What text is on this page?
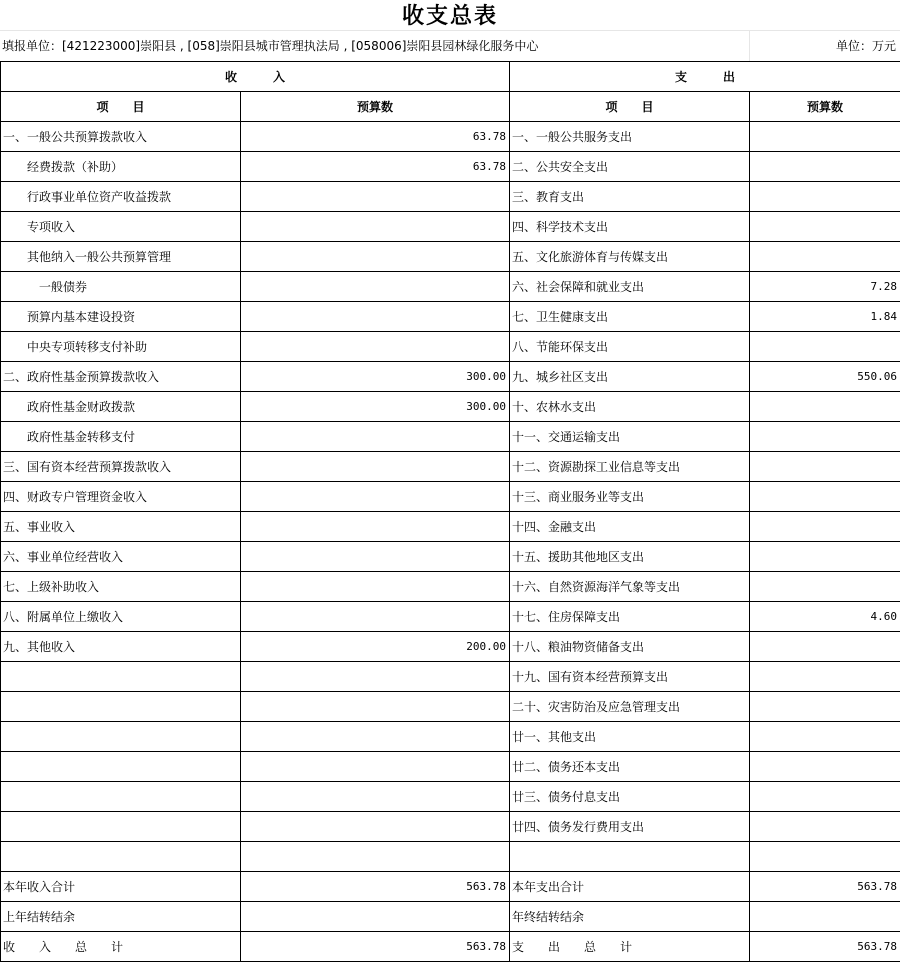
收支总表
填报单位：[421223000]崇阳县 , [058]崇阳县城市管理执法局 , [058006]崇阳县园林绿化服务中心	单位：万元
收　　　入		支　　　出	
项　　目	预算数	项　　目	预算数
一、一般公共预算拨款收入	63.78	一、一般公共服务支出	
经费拨款（补助）	63.78	二、公共安全支出	
行政事业单位资产收益拨款		三、教育支出	
专项收入		四、科学技术支出	
其他纳入一般公共预算管理		五、文化旅游体育与传媒支出	
一般债券		六、社会保障和就业支出	7.28
预算内基本建设投资		七、卫生健康支出	1.84
中央专项转移支付补助		八、节能环保支出	
二、政府性基金预算拨款收入	300.00	九、城乡社区支出	550.06
政府性基金财政拨款	300.00	十、农林水支出	
政府性基金转移支付		十一、交通运输支出	
三、国有资本经营预算拨款收入		十二、资源勘探工业信息等支出	
四、财政专户管理资金收入		十三、商业服务业等支出	
五、事业收入		十四、金融支出	
六、事业单位经营收入		十五、援助其他地区支出	
七、上级补助收入		十六、自然资源海洋气象等支出	
八、附属单位上缴收入		十七、住房保障支出	4.60
九、其他收入	200.00	十八、粮油物资储备支出	
		十九、国有资本经营预算支出	
		二十、灾害防治及应急管理支出	
		廿一、其他支出	
		廿二、债务还本支出	
		廿三、债务付息支出	
		廿四、债务发行费用支出	

本年收入合计	563.78	本年支出合计	563.78
上年结转结余		年终结转结余	
收　　入　　总　　计	563.78	支　　出　　总　　计	563.78
